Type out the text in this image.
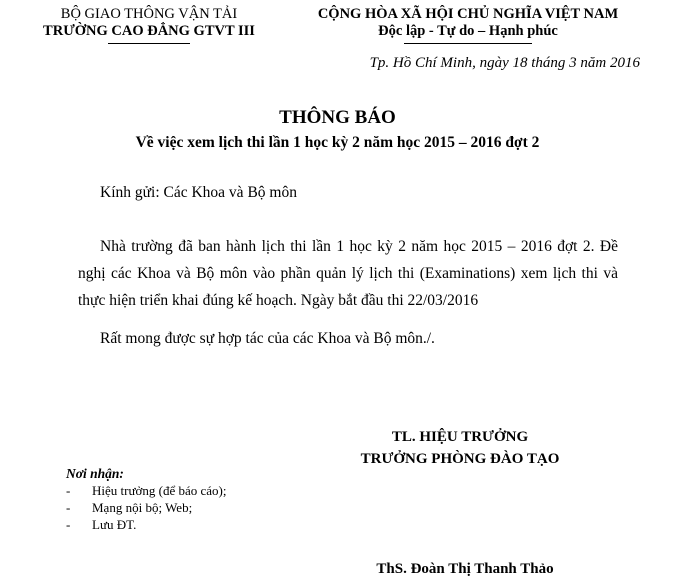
BỘ GIAO THÔNG VẬN TẢI
TRƯỜNG CAO ĐẲNG GTVT III
CỘNG HÒA XÃ HỘI CHỦ NGHĨA VIỆT NAM
Độc lập - Tự do – Hạnh phúc
Tp. Hồ Chí Minh, ngày 18 tháng 3 năm 2016
THÔNG BÁO
Về việc xem lịch thi lần 1 học kỳ 2 năm học 2015 – 2016 đợt 2
Kính gửi: Các Khoa và Bộ môn
Nhà trường đã ban hành lịch thi lần 1 học kỳ 2 năm học 2015 – 2016 đợt 2. Đề nghị các Khoa và Bộ môn vào phần quản lý lịch thi (Examinations) xem lịch thi và thực hiện triển khai đúng kế hoạch. Ngày bắt đầu thi 22/03/2016
Rất mong được sự hợp tác của các Khoa và Bộ môn./.
TL. HIỆU TRƯỞNG
TRƯỞNG PHÒNG ĐÀO TẠO
ThS. Đoàn Thị Thanh Thảo
Nơi nhận:
- Hiệu trưởng (để báo cáo);
- Mạng nội bộ; Web;
- Lưu ĐT.
